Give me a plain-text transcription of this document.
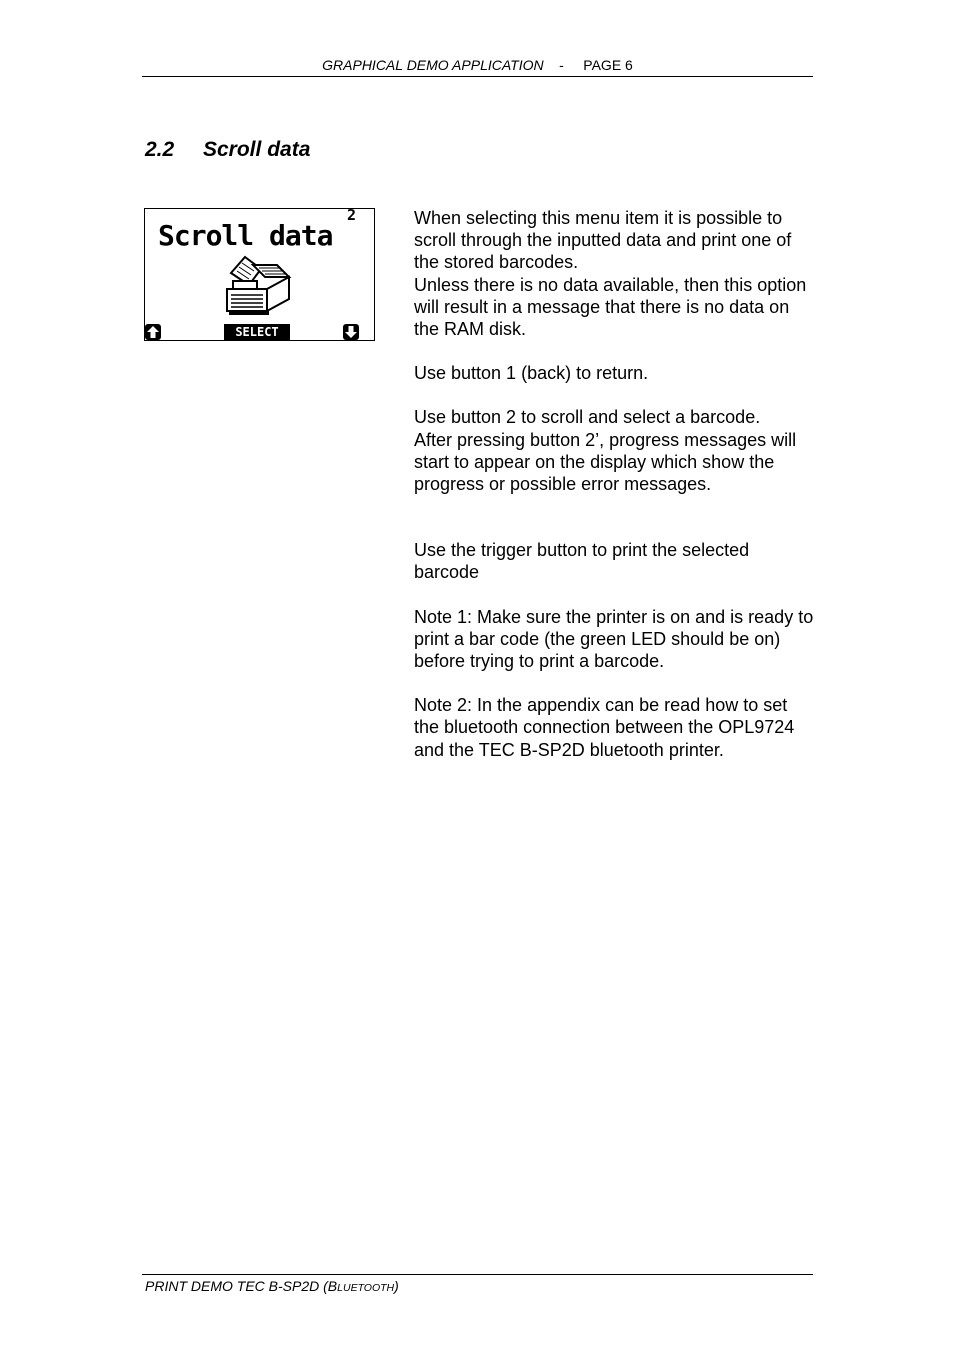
GRAPHICAL DEMO APPLICATION - PAGE 6
2.2 Scroll data
2
Scroll data
SELECT

When selecting this menu item it is possible to scroll through the inputted data and print one of the stored barcodes.
Unless there is no data available, then this option will result in a message that there is no data on the RAM disk.

Use button 1 (back) to return.

Use button 2 to scroll and select a barcode.
After pressing button 2’, progress messages will start to appear on the display which show the progress or possible error messages.

Use the trigger button to print the selected barcode

Note 1: Make sure the printer is on and is ready to print a bar code (the green LED should be on) before trying to print a barcode.

Note 2: In the appendix can be read how to set the bluetooth connection between the OPL9724 and the TEC B-SP2D bluetooth printer.

PRINT DEMO TEC B-SP2D (BLUETOOTH)
